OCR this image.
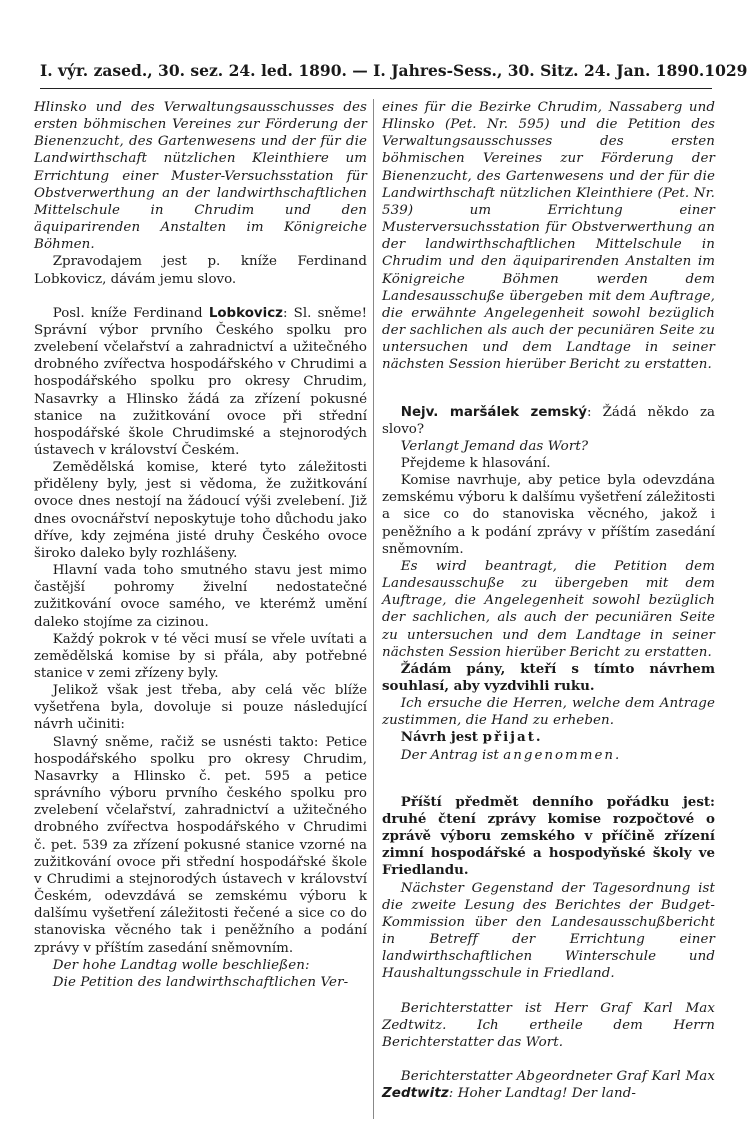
I. výr. zased., 30. sez. 24. led. 1890. — I. Jahres-Sess., 30. Sitz. 24. Jan. 1890. 1029

Hlinsko und des Verwaltungsausschusses des ersten böhmischen Vereines zur Förderung der Bienenzucht, des Gartenwesens und der für die Landwirthschaft nützlichen Kleinthiere um Errichtung einer Muster-Versuchsstation für Obstverwerthung an der landwirthschaftlichen Mittelschule in Chrudim und den äquiparirenden Anstalten im Königreiche Böhmen.

Zpravodajem jest p. kníže Ferdinand Lobkovicz, dávám jemu slovo.

Posl. kníže Ferdinand Lobkovicz: Sl. sněme! Správní výbor prvního Českého spolku pro zvelebení včelařství a zahradnictví a užitečného drobného zvířectva hospodářského v Chrudimi a hospodářského spolku pro okresy Chrudim, Nasavrky a Hlinsko žádá za zřízení pokusné stanice na zužitkování ovoce při střední hospodářské škole Chrudimské a stejnorodých ústavech v království Českém.

Zemědělská komise, které tyto záležitosti přiděleny byly, jest si vědoma, že zužitkování ovoce dnes nestojí na žádoucí výši zvelebení. Již dnes ovocnářství neposkytuje toho důchodu jako dříve, kdy zejména jisté druhy Českého ovoce široko daleko byly rozhlášeny.

Hlavní vada toho smutného stavu jest mimo častější pohromy živelní nedostatečné zužitkování ovoce samého, ve kterémž umění daleko stojíme za cizinou.

Každý pokrok v té věci musí se vřele uvítati a zemědělská komise by si přála, aby potřebné stanice v zemi zřízeny byly.

Jelikož však jest třeba, aby celá věc blíže vyšetřena byla, dovoluje si pouze následující návrh učiniti:

Slavný sněme, račiž se usnésti takto: Petice hospodářského spolku pro okresy Chrudim, Nasavrky a Hlinsko č. pet. 595 a petice správního výboru prvního českého spolku pro zvelebení včelařství, zahradnictví a užitečného drobného zvířectva hospodářského v Chrudimi č. pet. 539 za zřízení pokusné stanice vzorné na zužitkování ovoce při střední hospodářské škole v Chrudimi a stejnorodých ústavech v království Českém, odevzdává se zemskému výboru k dalšímu vyšetření záležitosti řečené a sice co do stanoviska věcného tak i peněžního a podání zprávy v příštím zasedání sněmovním.

Der hohe Landtag wolle beschließen:

Die Petition des landwirthschaftlichen Ver-

eines für die Bezirke Chrudim, Nassaberg und Hlinsko (Pet. Nr. 595) und die Petition des Verwaltungsausschusses des ersten böhmischen Vereines zur Förderung der Bienenzucht, des Gartenwesens und der für die Landwirthschaft nützlichen Kleinthiere (Pet. Nr. 539) um Errichtung einer Musterversuchsstation für Obstverwerthung an der landwirthschaftlichen Mittelschule in Chrudim und den äquiparirenden Anstalten im Königreiche Böhmen werden dem Landesausschuße übergeben mit dem Auftrage, die erwähnte Angelegenheit sowohl bezüglich der sachlichen als auch der pecuniären Seite zu untersuchen und dem Landtage in seiner nächsten Session hierüber Bericht zu erstatten.

Nejv. maršálek zemský: Žádá někdo za slovo?

Verlangt Jemand das Wort?

Přejdeme k hlasování.

Komise navrhuje, aby petice byla odevzdána zemskému výboru k dalšímu vyšetření záležitosti a sice co do stanoviska věcného, jakož i peněžního a k podání zprávy v příštím zasedání sněmovním.

Es wird beantragt, die Petition dem Landesausschuße zu übergeben mit dem Auftrage, die Angelegenheit sowohl bezüglich der sachlichen, als auch der pecuniären Seite zu untersuchen und dem Landtage in seiner nächsten Session hierüber Bericht zu erstatten.

Žádám pány, kteří s tímto návrhem souhlasí, aby vyzdvihli ruku.

Ich ersuche die Herren, welche dem Antrage zustimmen, die Hand zu erheben.

Návrh jest přijat.

Der Antrag ist angenommen.

Příští předmět denního pořádku jest: druhé čtení zprávy komise rozpočtové o zprávě výboru zemského v příčině zřízení zimní hospodářské a hospodyňské školy ve Friedlandu.

Nächster Gegenstand der Tagesordnung ist die zweite Lesung des Berichtes der Budget-Kommission über den Landesausschußbericht in Betreff der Errichtung einer landwirthschaftlichen Winterschule und Haushaltungsschule in Friedland.

Berichterstatter ist Herr Graf Karl Max Zedtwitz. Ich ertheile dem Herrn Berichterstatter das Wort.

Berichterstatter Abgeordneter Graf Karl Max Zedtwitz: Hoher Landtag! Der land-
